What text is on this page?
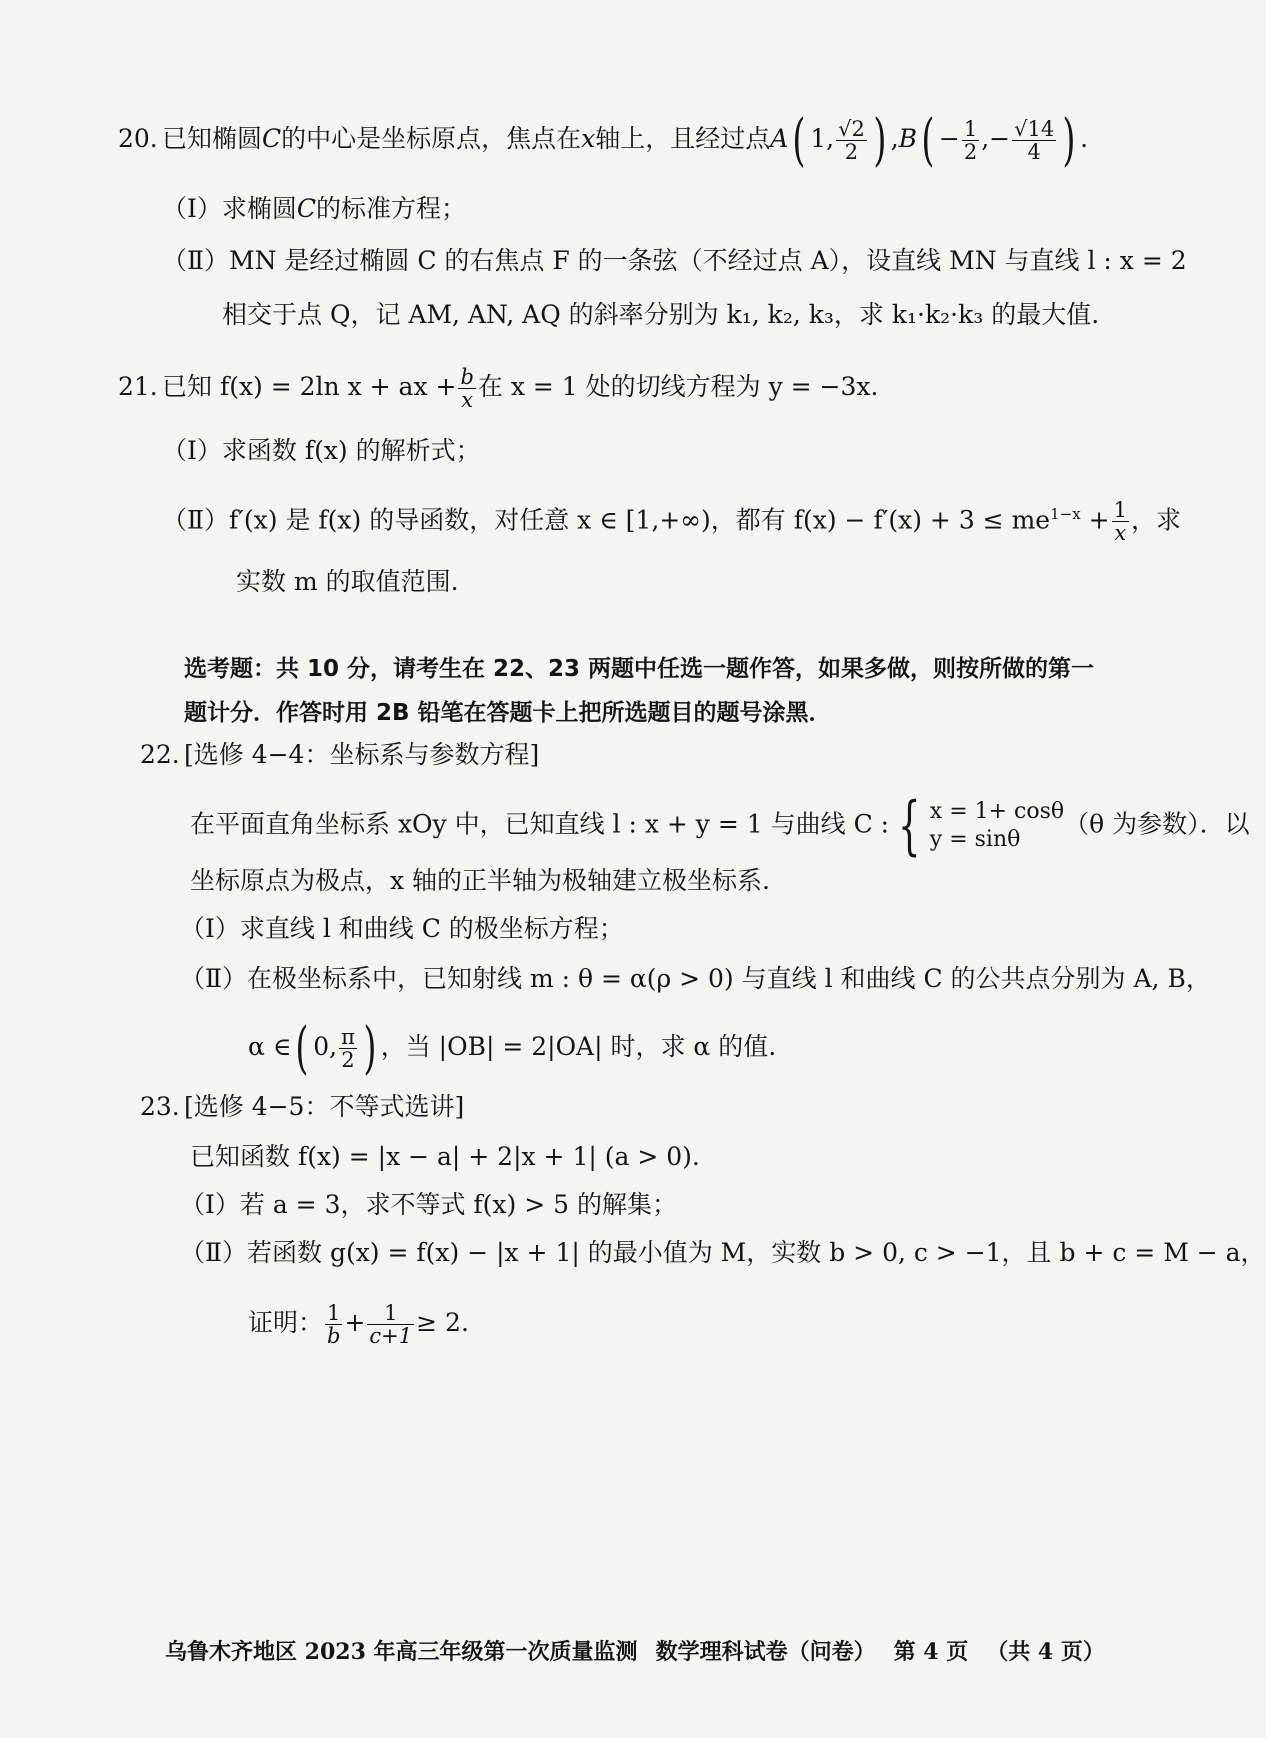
20. 已知椭圆C的中心是坐标原点，焦点在x轴上，且经过点A( 1, $\frac{√2}{2}$ ) $,B( - \frac{1}{2}$ ,− $\frac{√14}{4}$ ) .
（Ⅰ）求椭圆C的标准方程；
（Ⅱ）MN 是经过椭圆 C 的右焦点 F 的一条弦（不经过点 A），设直线 MN 与直线 l : x = 2
相交于点 Q，记 AM, AN, AQ 的斜率分别为 k₁, k₂, k₃，求 k₁·k₂·k₃ 的最大值.
21. 已知 f(x) = 2ln x + ax + $\frac{b}{x}$ 在 x = 1 处的切线方程为 y = −3x.
（Ⅰ）求函数 f(x) 的解析式；
（Ⅱ）f′(x) 是 f(x) 的导函数，对任意 x ∈ [1,+∞)，都有 $f(x) - f'(x) + 3 \le me^{1-x} + \frac{1}{x}$ ，求
实数 m 的取值范围.
选考题：共 10 分，请考生在 22、23 两题中任选一题作答，如果多做，则按所做的第一
题计分．作答时用 2B 铅笔在答题卡上把所选题目的题号涂黑．
22. [选修 4−4：坐标系与参数方程]
在平面直角坐标系 xOy 中，已知直线 l : x + y = 1 与曲线 C : { x = 1+ cosθ
y = sinθ
（θ 为参数）．以
坐标原点为极点，x 轴的正半轴为极轴建立极坐标系.
（Ⅰ）求直线 l 和曲线 C 的极坐标方程；
（Ⅱ）在极坐标系中，已知射线 m : θ = α(ρ > 0) 与直线 l 和曲线 C 的公共点分别为 A, B，
α ∈( 0, $\frac{\pi}{2}$ ) ，当 |OB| = 2|OA| 时，求 α 的值.
23. [选修 4−5：不等式选讲]
已知函数 f(x) = |x − a| + 2|x + 1| (a > 0).
（Ⅰ）若 a = 3，求不等式 f(x) > 5 的解集；
（Ⅱ）若函数 g(x) = f(x) − |x + 1| 的最小值为 M，实数 b > 0, c > −1，且 b + c = M − a，
证明： $\frac{1}{b} + \frac{1}{c+1} \ge 2$.
乌鲁木齐地区 2023 年高三年级第一次质量监测 数学理科试卷（问卷） 第 4 页 （共 4 页）
